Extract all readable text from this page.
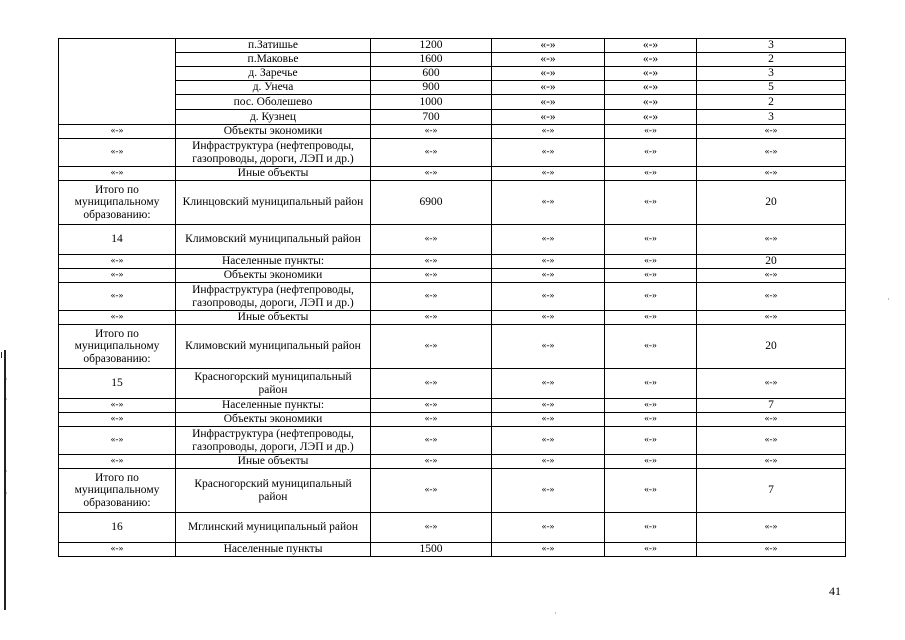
	п.Затишье	1200	«-»	«-»	3
	п.Маковье	1600	«-»	«-»	2
	д. Заречье	600	«-»	«-»	3
	д. Унеча	900	«-»	«-»	5
	пос. Оболешево	1000	«-»	«-»	2
	д. Кузнец	700	«-»	«-»	3
«-»	Объекты экономики	«-»	«-»	«-»	«-»
«-»	Инфраструктура (нефтепроводы, газопроводы, дороги, ЛЭП и др.)	«-»	«-»	«-»	«-»
«-»	Иные объекты	«-»	«-»	«-»	«-»
Итого по муниципальному образованию:	Клинцовский муниципальный район	6900	«-»	«-»	20
14	Климовский муниципальный район	«-»	«-»	«-»	«-»
«-»	Населенные пункты:	«-»	«-»	«-»	20
«-»	Объекты экономики	«-»	«-»	«-»	«-»
«-»	Инфраструктура (нефтепроводы, газопроводы, дороги, ЛЭП и др.)	«-»	«-»	«-»	«-»
«-»	Иные объекты	«-»	«-»	«-»	«-»
Итого по муниципальному образованию:	Климовский муниципальный район	«-»	«-»	«-»	20
15	Красногорский муниципальный район	«-»	«-»	«-»	«-»
«-»	Населенные пункты:	«-»	«-»	«-»	7
«-»	Объекты экономики	«-»	«-»	«-»	«-»
«-»	Инфраструктура (нефтепроводы, газопроводы, дороги, ЛЭП и др.)	«-»	«-»	«-»	«-»
«-»	Иные объекты	«-»	«-»	«-»	«-»
Итого по муниципальному образованию:	Красногорский муниципальный район	«-»	«-»	«-»	7
16	Мглинский муниципальный район	«-»	«-»	«-»	«-»
«-»	Населенные пункты	1500	«-»	«-»	«-»
41
